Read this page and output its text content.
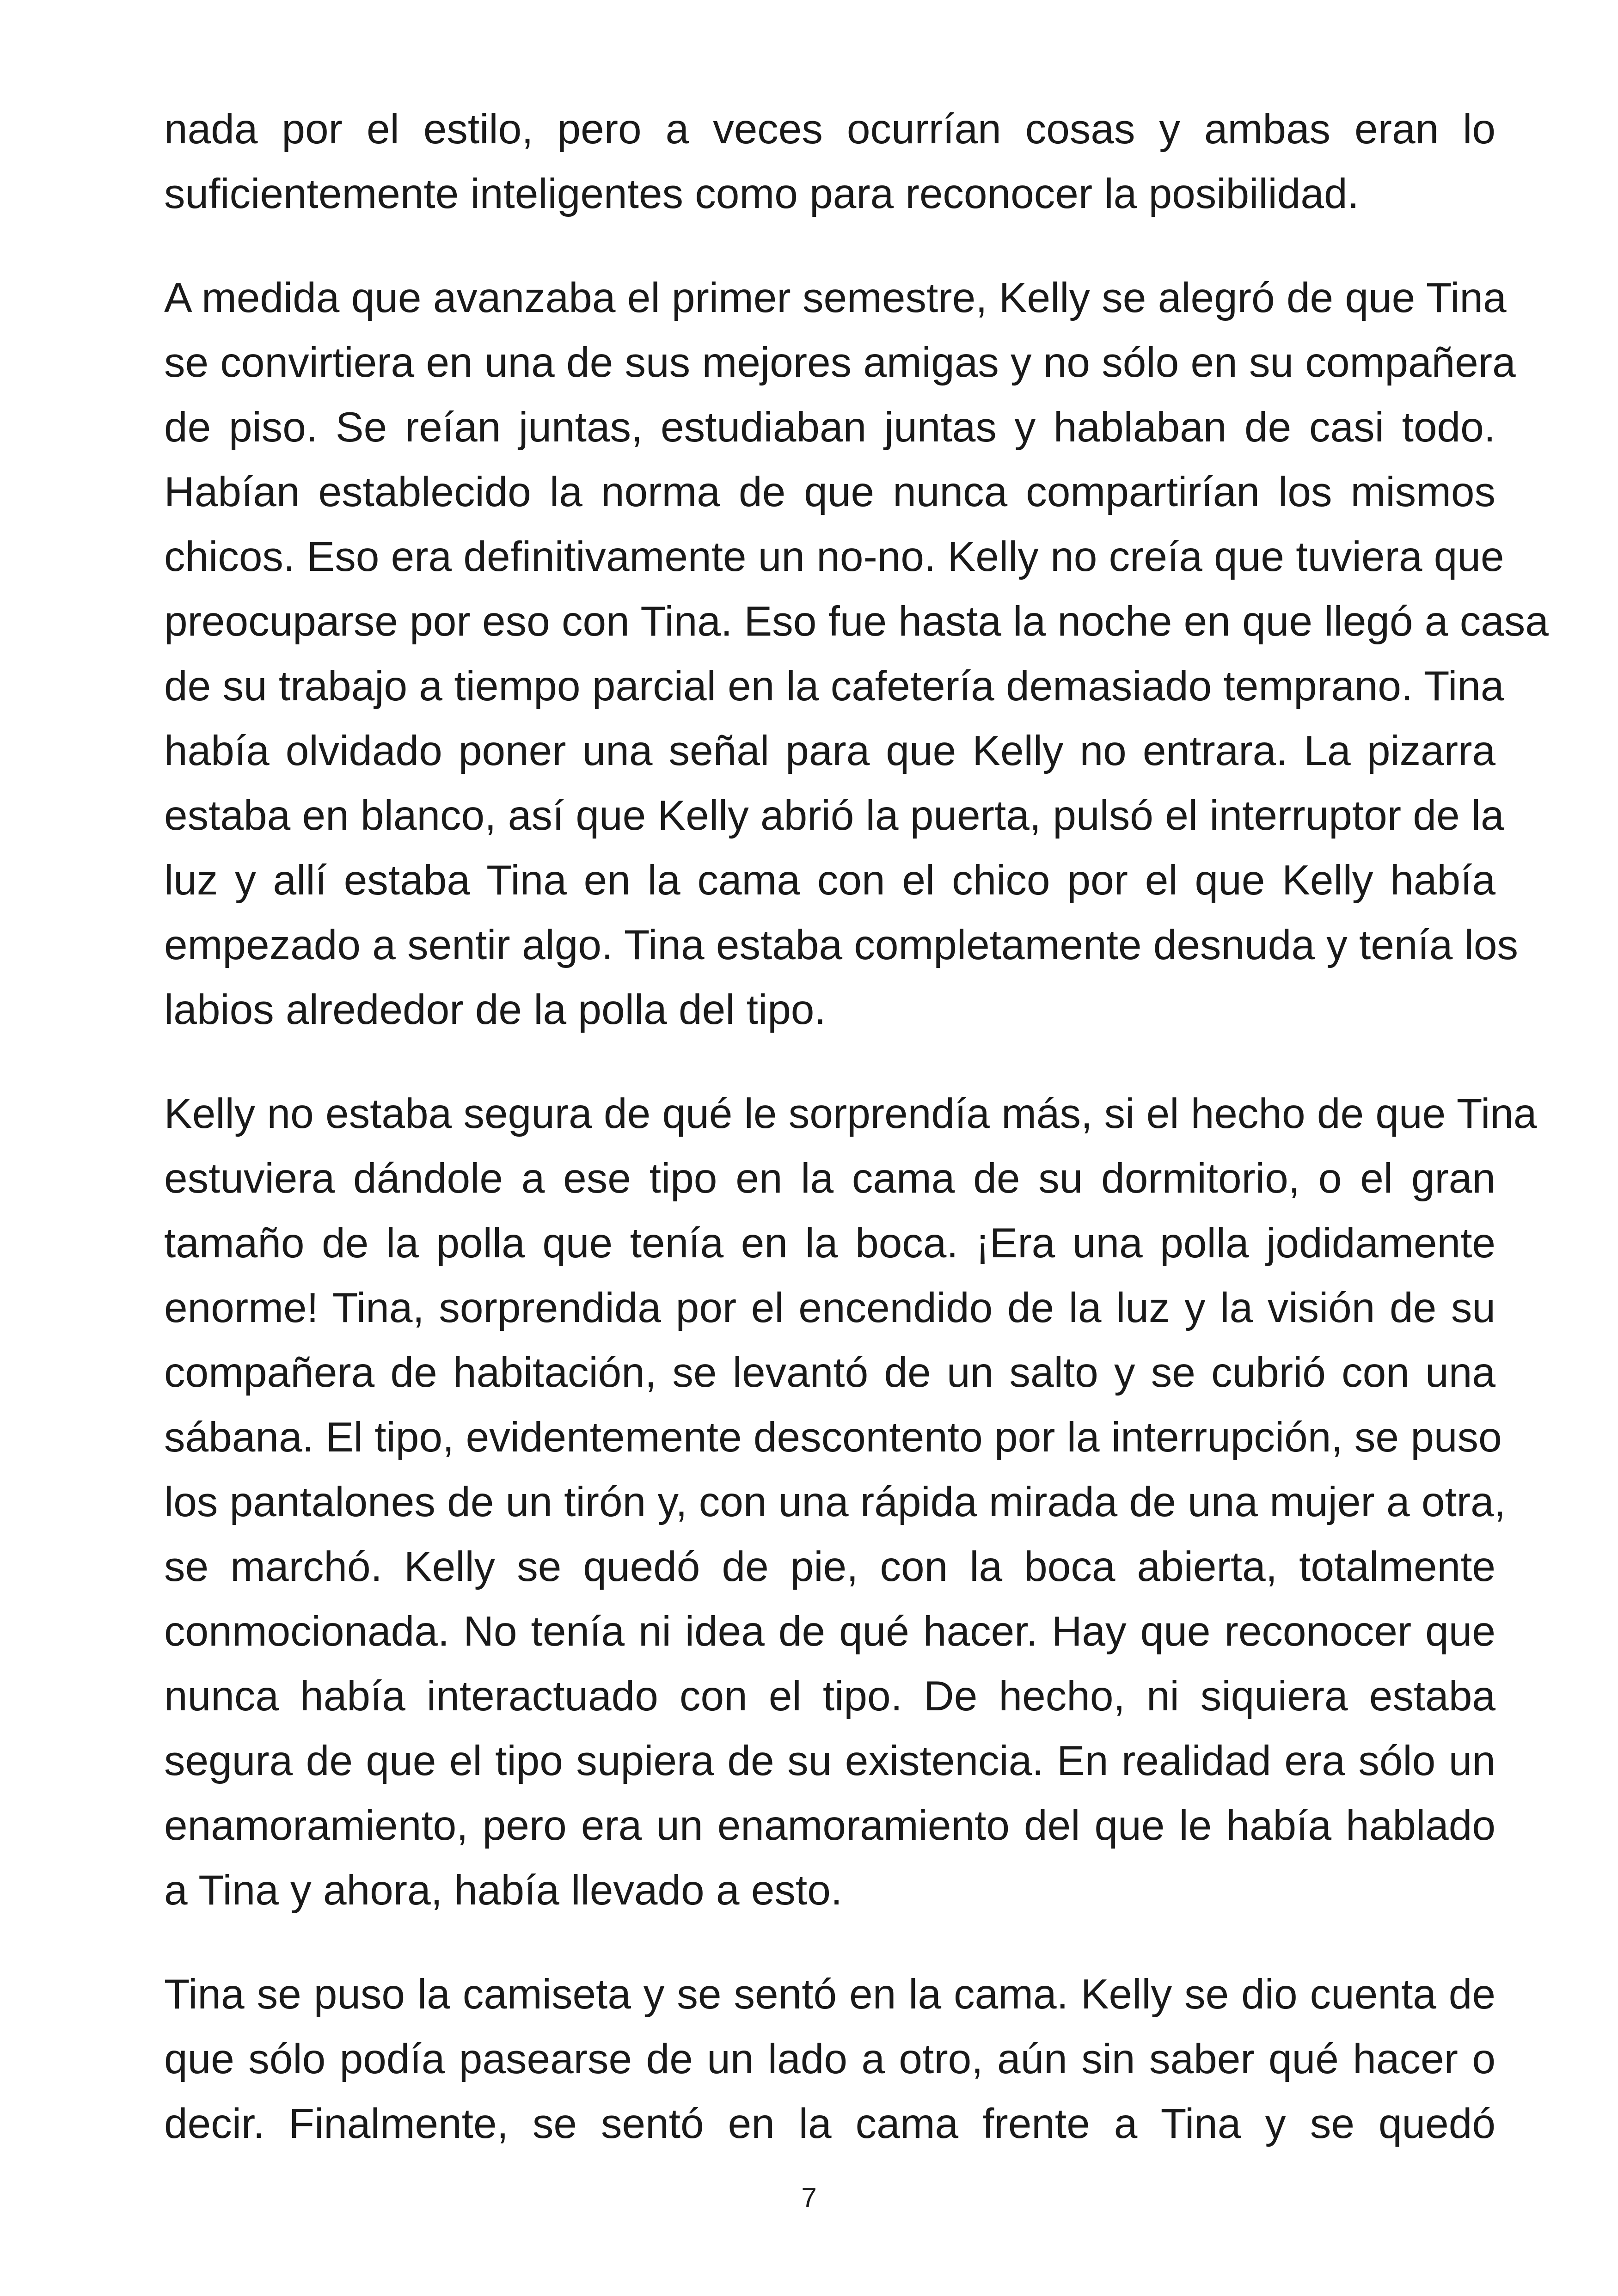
nada por el estilo, pero a veces ocurrían cosas y ambas eran lo
suficientemente inteligentes como para reconocer la posibilidad.
A medida que avanzaba el primer semestre, Kelly se alegró de que Tina
se convirtiera en una de sus mejores amigas y no sólo en su compañera
de piso. Se reían juntas, estudiaban juntas y hablaban de casi todo.
Habían establecido la norma de que nunca compartirían los mismos
chicos. Eso era definitivamente un no-no. Kelly no creía que tuviera que
preocuparse por eso con Tina. Eso fue hasta la noche en que llegó a casa
de su trabajo a tiempo parcial en la cafetería demasiado temprano. Tina
había olvidado poner una señal para que Kelly no entrara. La pizarra
estaba en blanco, así que Kelly abrió la puerta, pulsó el interruptor de la
luz y allí estaba Tina en la cama con el chico por el que Kelly había
empezado a sentir algo. Tina estaba completamente desnuda y tenía los
labios alrededor de la polla del tipo.
Kelly no estaba segura de qué le sorprendía más, si el hecho de que Tina
estuviera dándole a ese tipo en la cama de su dormitorio, o el gran
tamaño de la polla que tenía en la boca. ¡Era una polla jodidamente
enorme! Tina, sorprendida por el encendido de la luz y la visión de su
compañera de habitación, se levantó de un salto y se cubrió con una
sábana. El tipo, evidentemente descontento por la interrupción, se puso
los pantalones de un tirón y, con una rápida mirada de una mujer a otra,
se marchó. Kelly se quedó de pie, con la boca abierta, totalmente
conmocionada. No tenía ni idea de qué hacer. Hay que reconocer que
nunca había interactuado con el tipo. De hecho, ni siquiera estaba
segura de que el tipo supiera de su existencia. En realidad era sólo un
enamoramiento, pero era un enamoramiento del que le había hablado
a Tina y ahora, había llevado a esto.
Tina se puso la camiseta y se sentó en la cama. Kelly se dio cuenta de
que sólo podía pasearse de un lado a otro, aún sin saber qué hacer o
decir. Finalmente, se sentó en la cama frente a Tina y se quedó
7
